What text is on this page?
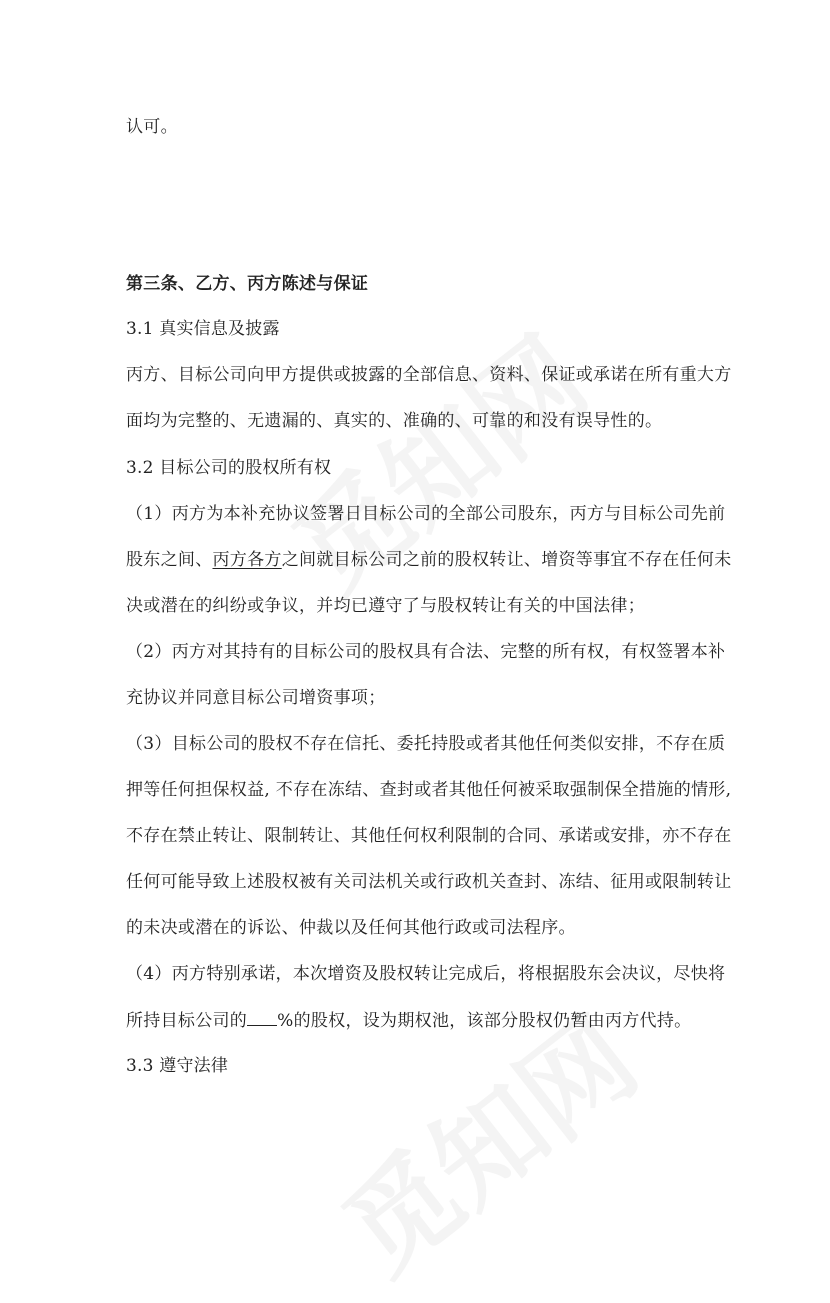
认可。

第三条、乙方、丙方陈述与保证

3.1 真实信息及披露

丙方、目标公司向甲方提供或披露的全部信息、资料、保证或承诺在所有重大方

面均为完整的、无遗漏的、真实的、准确的、可靠的和没有误导性的。

3.2 目标公司的股权所有权

（1）丙方为本补充协议签署日目标公司的全部公司股东，丙方与目标公司先前

股东之间、丙方各方之间就目标公司之前的股权转让、增资等事宜不存在任何未

决或潜在的纠纷或争议，并均已遵守了与股权转让有关的中国法律；

（2）丙方对其持有的目标公司的股权具有合法、完整的所有权，有权签署本补

充协议并同意目标公司增资事项；

（3）目标公司的股权不存在信托、委托持股或者其他任何类似安排，不存在质

押等任何担保权益, 不存在冻结、查封或者其他任何被采取强制保全措施的情形,

不存在禁止转让、限制转让、其他任何权利限制的合同、承诺或安排，亦不存在

任何可能导致上述股权被有关司法机关或行政机关查封、冻结、征用或限制转让

的未决或潜在的诉讼、仲裁以及任何其他行政或司法程序。

（4）丙方特别承诺，本次增资及股权转让完成后，将根据股东会决议，尽快将

所持目标公司的 %的股权，设为期权池，该部分股权仍暂由丙方代持。

3.3 遵守法律
